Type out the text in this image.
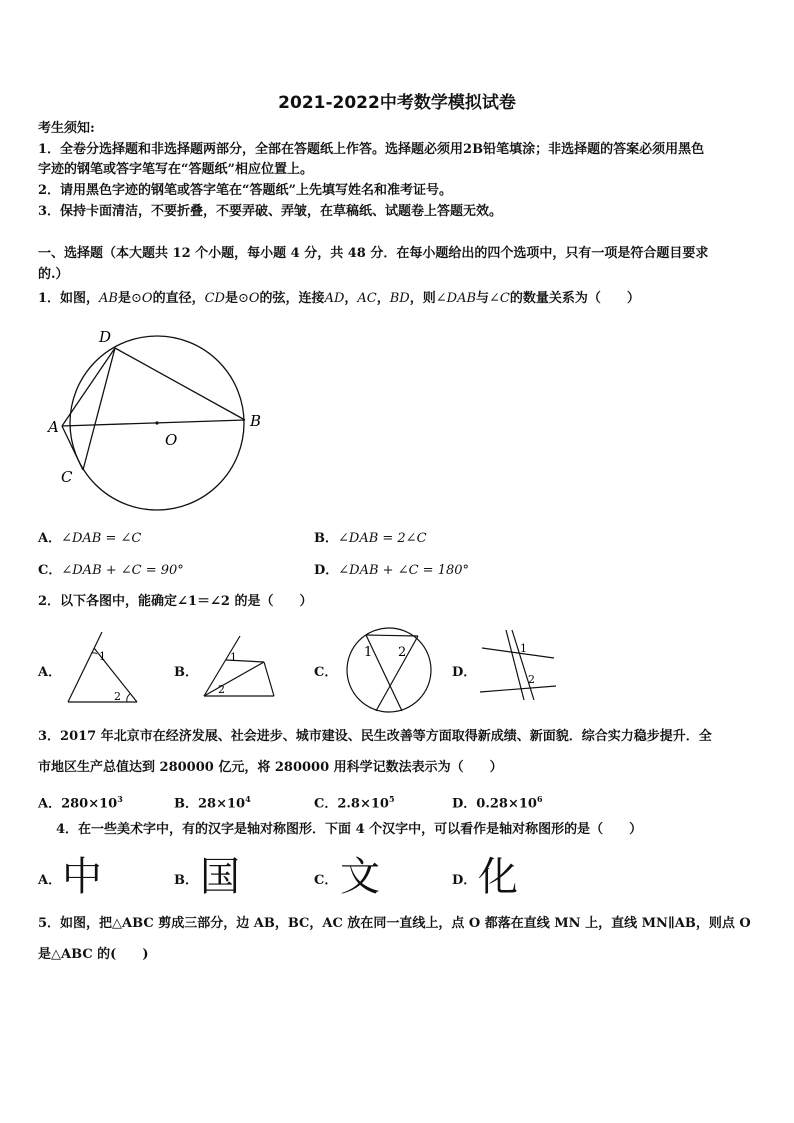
2021-2022中考数学模拟试卷
考生须知:
1．全卷分选择题和非选择题两部分，全部在答题纸上作答。选择题必须用2B铅笔填涂；非选择题的答案必须用黑色
字迹的钢笔或答字笔写在“答题纸”相应位置上。
2．请用黑色字迹的钢笔或答字笔在“答题纸”上先填写姓名和准考证号。
3．保持卡面清洁，不要折叠，不要弄破、弄皱，在草稿纸、试题卷上答题无效。
一、选择题（本大题共 12 个小题，每小题 4 分，共 48 分．在每小题给出的四个选项中，只有一项是符合题目要求
的.）
1．如图，AB是⊙O的直径，CD是⊙O的弦，连接AD，AC，BD，则∠DAB与∠C的数量关系为（　　）
D
A	B
O
C
A．∠DAB = ∠C	B．∠DAB = 2∠C
C．∠DAB + ∠C = 90°	D．∠DAB + ∠C = 180°
2．以下各图中，能确定∠1＝∠2 的是（　　）
A．
1
2
B．
1
2
C．
1 2
D．
1
2
3．2017 年北京市在经济发展、社会进步、城市建设、民生改善等方面取得新成绩、新面貌．综合实力稳步提升．全
市地区生产总值达到 280000 亿元，将 280000 用科学记数法表示为（　　）
A．$280\times 10^3$	B．$28\times 10^4$	C．$2.8\times 10^5$	D．$0.28\times 10^6$
4．在一些美术字中，有的汉字是轴对称图形．下面 4 个汉字中，可以看作是轴对称图形的是（　　）
A． 中	B． 国	C． 文	D． 化
5．如图，把△ABC 剪成三部分，边 AB，BC，AC 放在同一直线上，点 O 都落在直线 MN 上，直线 MN∥AB，则点 O
是△ABC 的(　　)
